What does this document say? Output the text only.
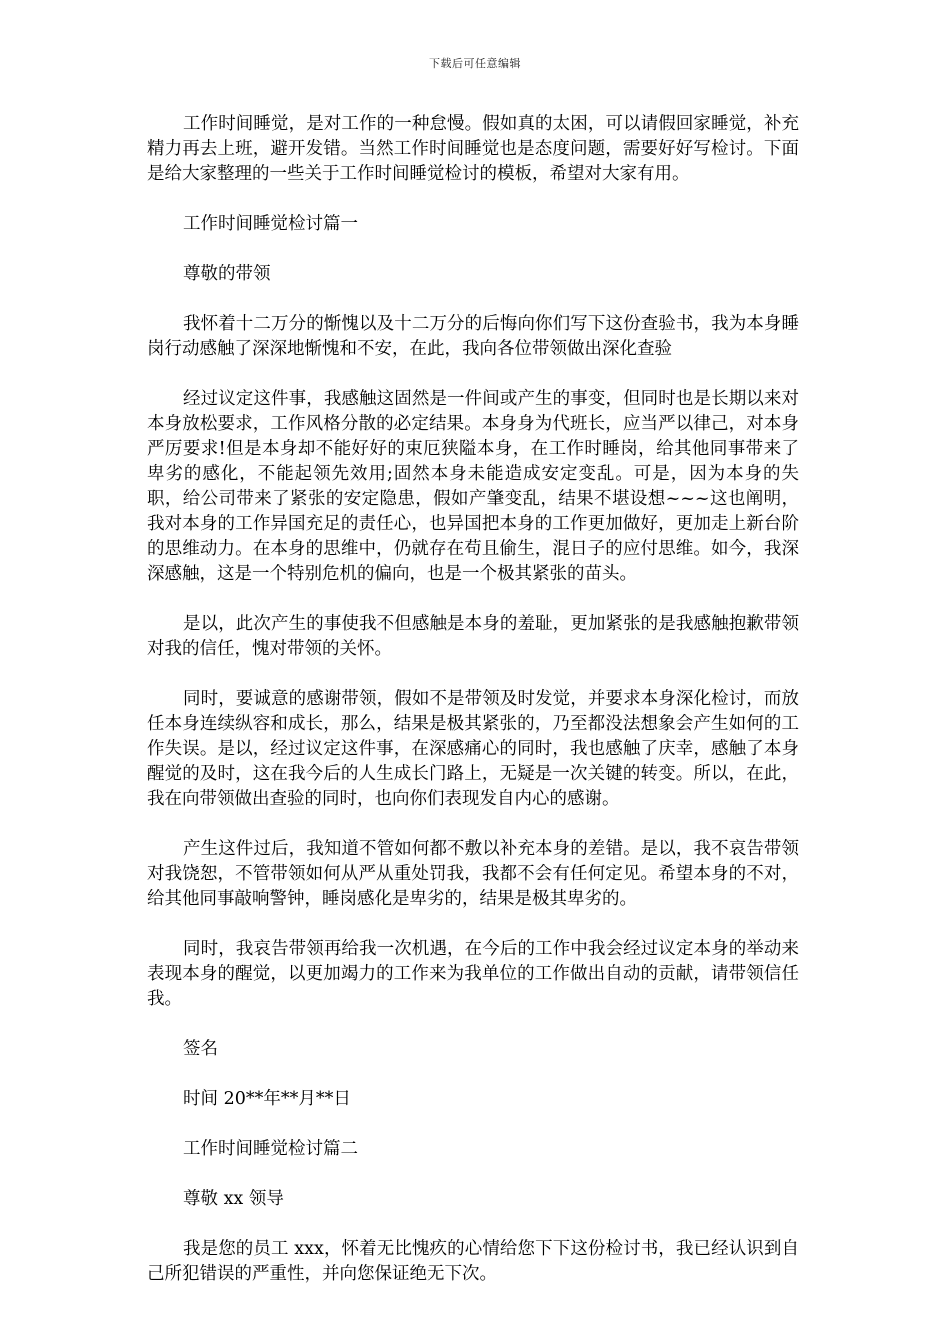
下载后可任意编辑

工作时间睡觉，是对工作的一种怠慢。假如真的太困，可以请假回家睡觉，补充精力再去上班，避开发错。当然工作时间睡觉也是态度问题，需要好好写检讨。下面是给大家整理的一些关于工作时间睡觉检讨的模板，希望对大家有用。

工作时间睡觉检讨篇一

尊敬的带领

我怀着十二万分的惭愧以及十二万分的后悔向你们写下这份查验书，我为本身睡岗行动感触了深深地惭愧和不安，在此，我向各位带领做出深化查验

经过议定这件事，我感触这固然是一件间或产生的事变，但同时也是长期以来对本身放松要求，工作风格分散的必定结果。本身身为代班长，应当严以律己，对本身严厉要求!但是本身却不能好好的束厄狭隘本身，在工作时睡岗，给其他同事带来了卑劣的感化，不能起领先效用;固然本身未能造成安定变乱。可是，因为本身的失职，给公司带来了紧张的安定隐患，假如产肇变乱，结果不堪设想~~~这也阐明，我对本身的工作异国充足的责任心，也异国把本身的工作更加做好，更加走上新台阶的思维动力。在本身的思维中，仍就存在苟且偷生，混日子的应付思维。如今，我深深感触，这是一个特别危机的偏向，也是一个极其紧张的苗头。

是以，此次产生的事使我不但感触是本身的羞耻，更加紧张的是我感触抱歉带领对我的信任，愧对带领的关怀。

同时，要诚意的感谢带领，假如不是带领及时发觉，并要求本身深化检讨，而放任本身连续纵容和成长，那么，结果是极其紧张的，乃至都没法想象会产生如何的工作失误。是以，经过议定这件事，在深感痛心的同时，我也感触了庆幸，感触了本身醒觉的及时，这在我今后的人生成长门路上，无疑是一次关键的转变。所以，在此，我在向带领做出查验的同时，也向你们表现发自内心的感谢。

产生这件过后，我知道不管如何都不敷以补充本身的差错。是以，我不哀告带领对我饶恕，不管带领如何从严从重处罚我，我都不会有任何定见。希望本身的不对，给其他同事敲响警钟，睡岗感化是卑劣的，结果是极其卑劣的。

同时，我哀告带领再给我一次机遇，在今后的工作中我会经过议定本身的举动来表现本身的醒觉，以更加竭力的工作来为我单位的工作做出自动的贡献，请带领信任我。

签名

时间 20**年**月**日

工作时间睡觉检讨篇二

尊敬 xx 领导

我是您的员工 xxx，怀着无比愧疚的心情给您下下这份检讨书，我已经认识到自己所犯错误的严重性，并向您保证绝无下次。
